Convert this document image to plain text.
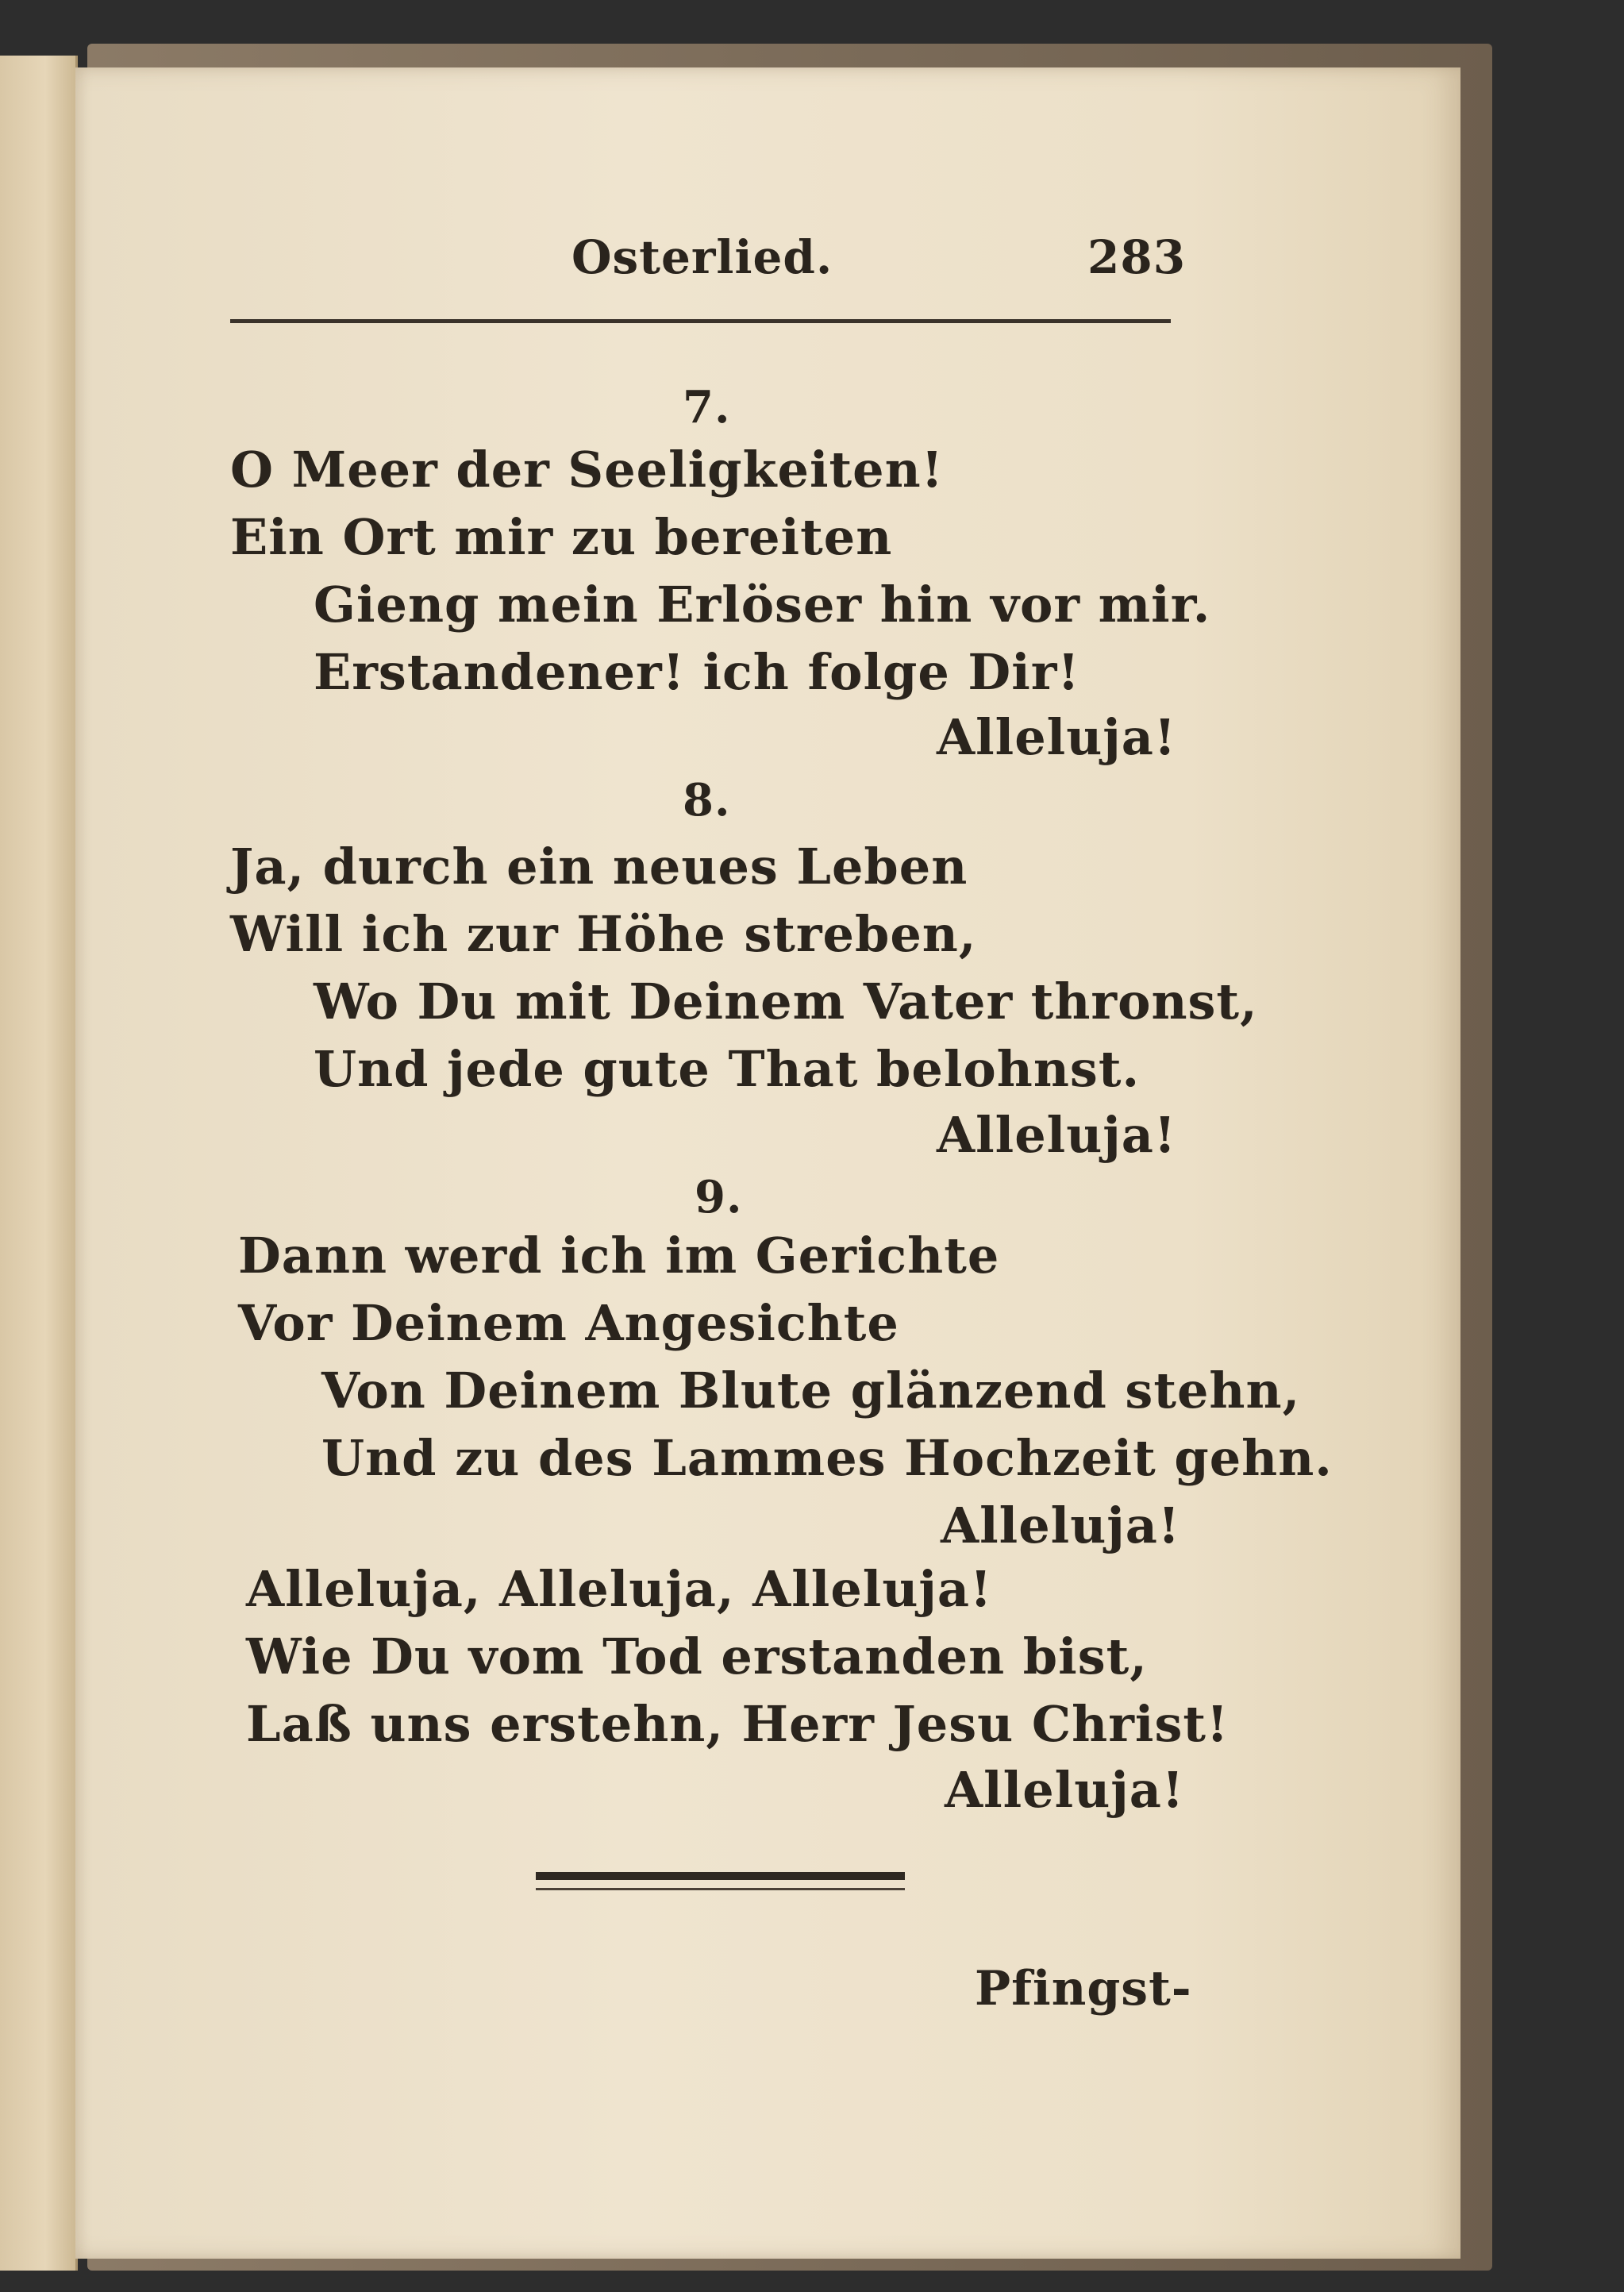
Osterlied.	283
7.
O Meer der Seeligkeiten!
Ein Ort mir zu bereiten
Gieng mein Erlöser hin vor mir.
Erstandener! ich folge Dir!
Alleluja!
8.
Ja, durch ein neues Leben
Will ich zur Höhe streben,
Wo Du mit Deinem Vater thronst,
Und jede gute That belohnst.
Alleluja!
9.
Dann werd ich im Gerichte
Vor Deinem Angesichte
Von Deinem Blute glänzend stehn,
Und zu des Lammes Hochzeit gehn.
Alleluja!
Alleluja, Alleluja, Alleluja!
Wie Du vom Tod erstanden bist,
Laß uns erstehn, Herr Jesu Christ!
Alleluja!
Pfingst-
